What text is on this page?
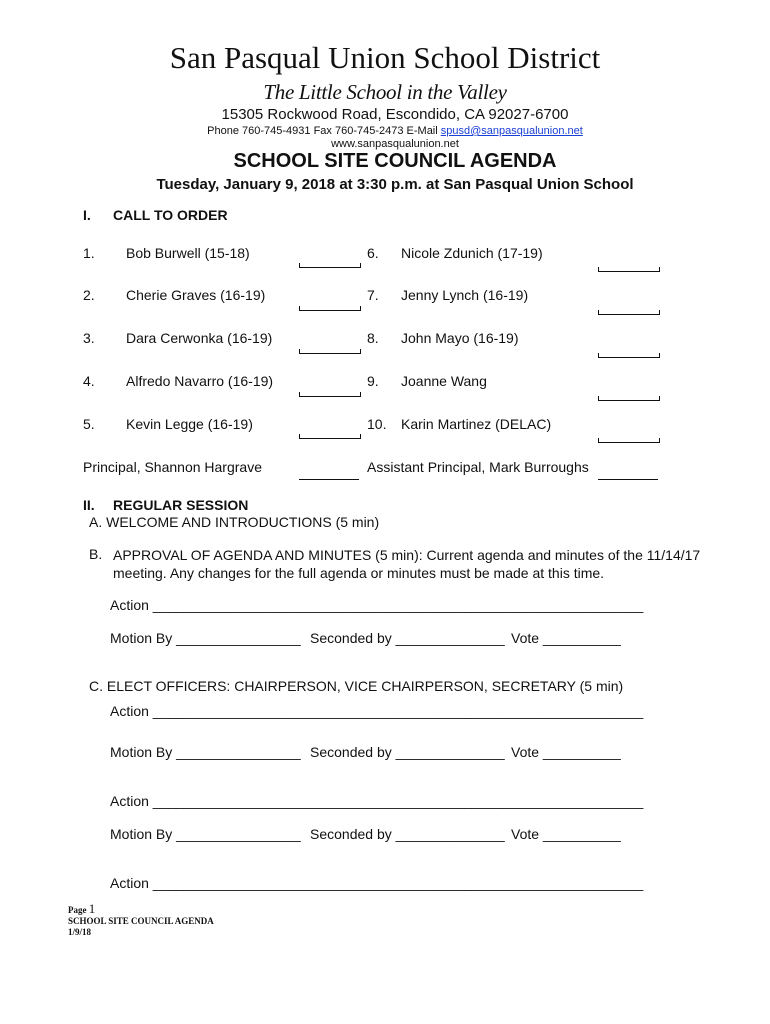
San Pasqual Union School District
The Little School in the Valley
15305 Rockwood Road, Escondido, CA 92027-6700
Phone 760-745-4931 Fax 760-745-2473 E-Mail spusd@sanpasqualunion.net
www.sanpasqualunion.net
SCHOOL SITE COUNCIL AGENDA
Tuesday, January 9, 2018 at 3:30 p.m. at San Pasqual Union School
I. CALL TO ORDER
1. Bob Burwell (15-18)
2. Cherie Graves (16-19)
3. Dara Cerwonka (16-19)
4. Alfredo Navarro (16-19)
5. Kevin Legge (16-19)
6. Nicole Zdunich (17-19)
7. Jenny Lynch (16-19)
8. John Mayo (16-19)
9. Joanne Wang
10. Karin Martinez (DELAC)
Principal, Shannon Hargrave	Assistant Principal, Mark Burroughs
II. REGULAR SESSION
A. WELCOME AND INTRODUCTIONS (5 min)
B. APPROVAL OF AGENDA AND MINUTES (5 min): Current agenda and minutes of the 11/14/17 meeting. Any changes for the full agenda or minutes must be made at this time.
Action _______________________________________________________________
Motion By ________________ Seconded by ______________ Vote __________
C. ELECT OFFICERS: CHAIRPERSON, VICE CHAIRPERSON, SECRETARY (5 min)
Action _______________________________________________________________
Motion By ________________ Seconded by ______________ Vote __________
Action _______________________________________________________________
Motion By ________________ Seconded by ______________ Vote __________
Action _______________________________________________________________
Page 1
SCHOOL SITE COUNCIL AGENDA
1/9/18
